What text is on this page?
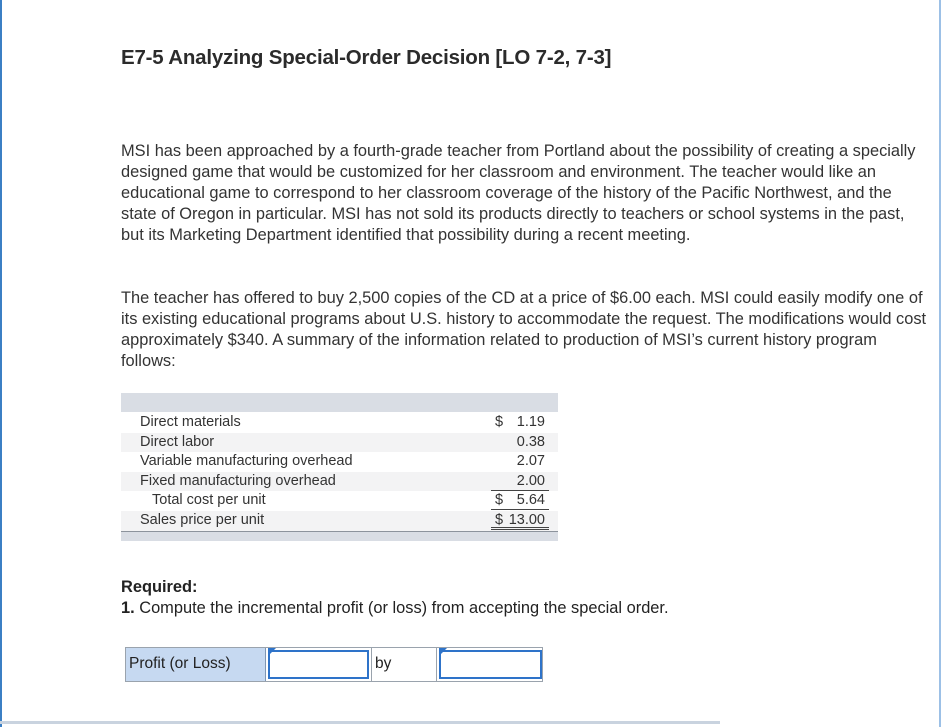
E7-5 Analyzing Special-Order Decision [LO 7-2, 7-3]

MSI has been approached by a fourth-grade teacher from Portland about the possibility of creating a specially designed game that would be customized for her classroom and environment. The teacher would like an educational game to correspond to her classroom coverage of the history of the Pacific Northwest, and the state of Oregon in particular. MSI has not sold its products directly to teachers or school systems in the past, but its Marketing Department identified that possibility during a recent meeting.

The teacher has offered to buy 2,500 copies of the CD at a price of $6.00 each. MSI could easily modify one of its existing educational programs about U.S. history to accommodate the request. The modifications would cost approximately $340. A summary of the information related to production of MSI’s current history program follows:

Direct materials	$ 1.19
Direct labor	0.38
Variable manufacturing overhead	2.07
Fixed manufacturing overhead	2.00
Total cost per unit	$ 5.64
Sales price per unit	$ 13.00
Required:
1. Compute the incremental profit (or loss) from accepting the special order.
Profit (or Loss)	by
